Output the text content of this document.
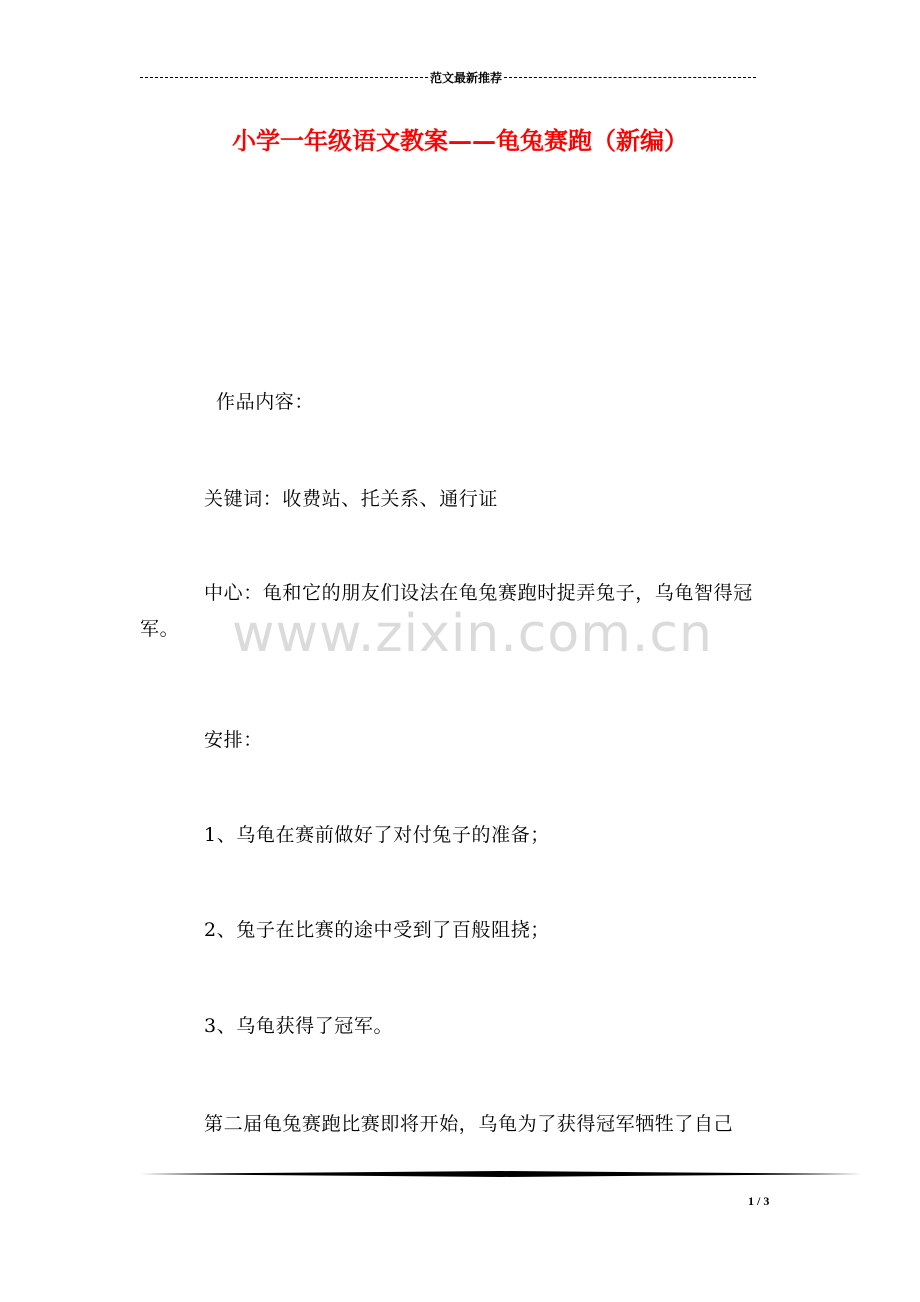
范文最新推荐
小学一年级语文教案——龟兔赛跑（新编）
作品内容：
关键词：收费站、托关系、通行证
中心：龟和它的朋友们设法在龟兔赛跑时捉弄兔子，乌龟智得冠军。	www.zixin.com.cn
安排：
1、乌龟在赛前做好了对付兔子的准备；
2、兔子在比赛的途中受到了百般阻挠；
3、乌龟获得了冠军。
第二届龟兔赛跑比赛即将开始，乌龟为了获得冠军牺牲了自己
1 / 3
